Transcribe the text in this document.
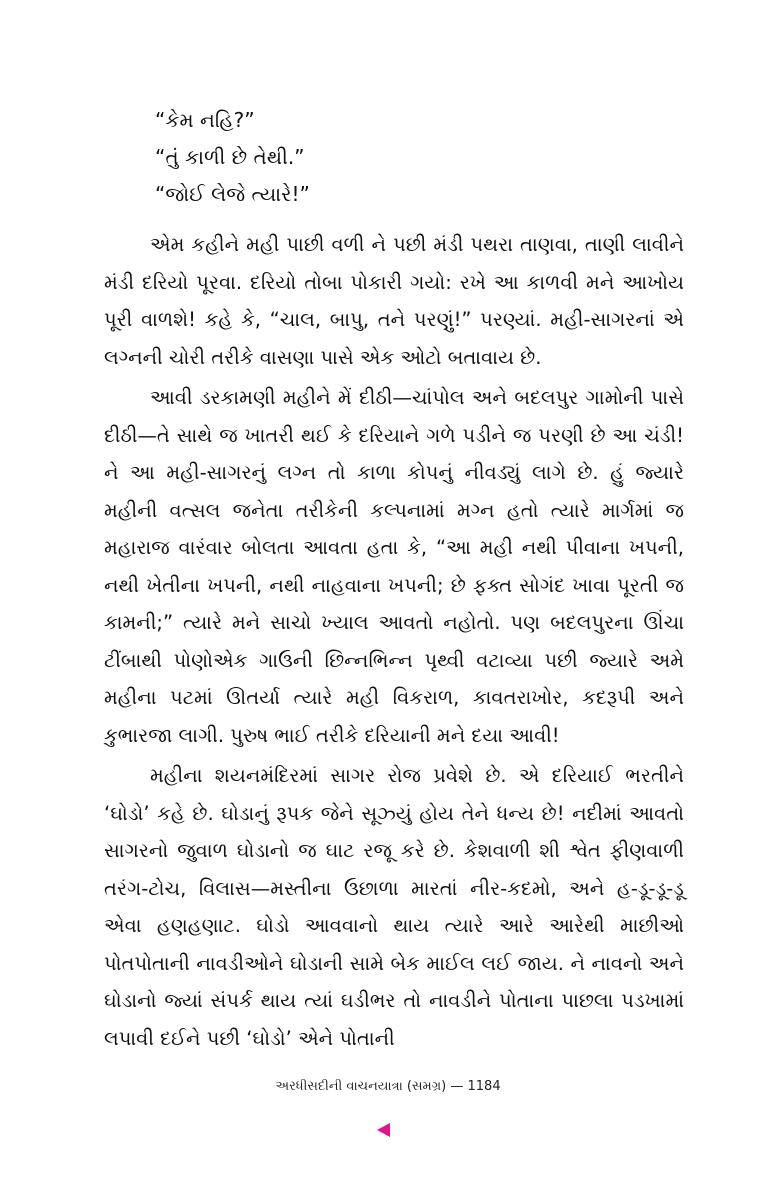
“કેમ નહિ?”
“તું કાળી છે તેથી.”
“જોઈ લેજે ત્યારે!”

એમ કહીને મહી પાછી વળી ને પછી મંડી પથરા તાણવા, તાણી લાવીને મંડી દરિયો પૂરવા. દરિયો તોબા પોકારી ગયો: રખે આ કાળવી મને આખોય પૂરી વાળશે! કહે કે, “ચાલ, બાપુ, તને પરણું!” પરણ્યાં. મહી-સાગરનાં એ લગ્નની ચોરી તરીકે વાસણા પાસે એક ઓટો બતાવાય છે.

આવી ડરકામણી મહીને મેં દીઠી—ચાંપોલ અને બદલપુર ગામોની પાસે દીઠી—તે સાથે જ ખાતરી થઈ કે દરિયાને ગળે પડીને જ પરણી છે આ ચંડી! ને આ મહી-સાગરનું લગ્ન તો કાળા કોપનું નીવડ્યું લાગે છે. હું જ્યારે મહીની વત્સલ જનેતા તરીકેની કલ્પનામાં મગ્ન હતો ત્યારે માર્ગમાં જ મહારાજ વારંવાર બોલતા આવતા હતા કે, “આ મહી નથી પીવાના ખપની, નથી ખેતીના ખપની, નથી નાહવાના ખપની; છે ફક્ત સોગંદ ખાવા પૂરતી જ કામની;” ત્યારે મને સાચો ખ્યાલ આવતો નહોતો. પણ બદલપુરના ઊંચા ટીંબાથી પોણોએક ગાઉની છિન્નભિન્ન પૃથ્વી વટાવ્યા પછી જ્યારે અમે મહીના પટમાં ઊતર્યા ત્યારે મહી વિકરાળ, કાવતરાખોર, કદરૂપી અને કુભારજા લાગી. પુરુષ ભાઈ તરીકે દરિયાની મને દયા આવી!

મહીના શયનમંદિરમાં સાગર રોજ પ્રવેશે છે. એ દરિયાઈ ભરતીને ‘ઘોડો’ કહે છે. ઘોડાનું રૂપક જેને સૂઝ્યું હોય તેને ધન્ય છે! નદીમાં આવતો સાગરનો જુવાળ ઘોડાનો જ ઘાટ રજૂ કરે છે. કેશવાળી શી શ્વેત ફીણવાળી તરંગ-ટોચ, વિલાસ—મસ્તીના ઉછાળા મારતાં નીર-કદમો, અને હ-ડૂ-ડૂ-ડૂ એવા હણહણાટ. ઘોડો આવવાનો થાય ત્યારે આરે આરેથી માછીઓ પોતપોતાની નાવડીઓને ઘોડાની સામે બેક માઈલ લઈ જાય. ને નાવનો અને ઘોડાનો જ્યાં સંપર્ક થાય ત્યાં ઘડીભર તો નાવડીને પોતાના પાછલા પડખામાં લપાવી દઈને પછી ‘ઘોડો’ એને પોતાની

અરધીસદીની વાચનયાત્રા (સમગ્ર) — 1184
